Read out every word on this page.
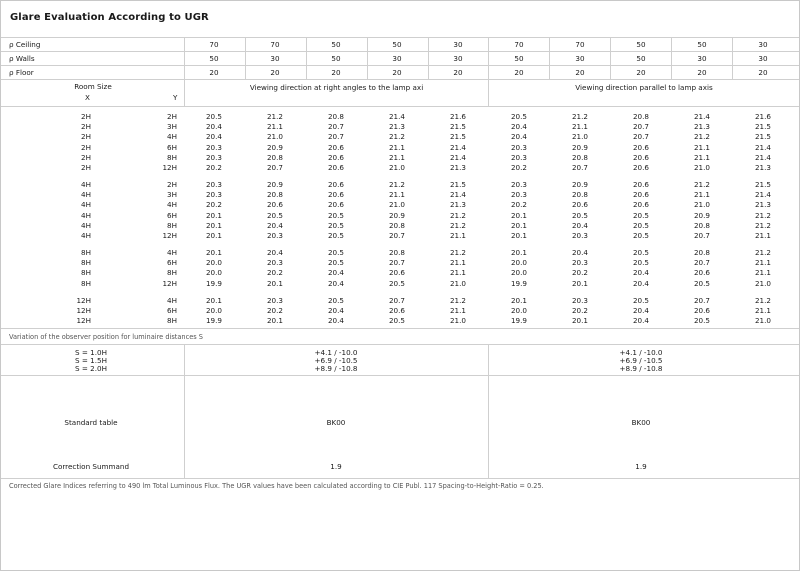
Glare Evaluation According to UGR
ρ Ceiling	70	70	50	50	30	70	70	50	50	30
ρ Walls	50	30	50	30	30	50	30	50	30	30
ρ Floor	20	20	20	20	20	20	20	20	20	20
Room Size
X	Y
Viewing direction at right angles to the lamp axi	Viewing direction parallel to lamp axis
2H	2H	20.5	21.2	20.8	21.4	21.6	20.5	21.2	20.8	21.4	21.6
2H	3H	20.4	21.1	20.7	21.3	21.5	20.4	21.1	20.7	21.3	21.5
2H	4H	20.4	21.0	20.7	21.2	21.5	20.4	21.0	20.7	21.2	21.5
2H	6H	20.3	20.9	20.6	21.1	21.4	20.3	20.9	20.6	21.1	21.4
2H	8H	20.3	20.8	20.6	21.1	21.4	20.3	20.8	20.6	21.1	21.4
2H	12H	20.2	20.7	20.6	21.0	21.3	20.2	20.7	20.6	21.0	21.3
4H	2H	20.3	20.9	20.6	21.2	21.5	20.3	20.9	20.6	21.2	21.5
4H	3H	20.3	20.8	20.6	21.1	21.4	20.3	20.8	20.6	21.1	21.4
4H	4H	20.2	20.6	20.6	21.0	21.3	20.2	20.6	20.6	21.0	21.3
4H	6H	20.1	20.5	20.5	20.9	21.2	20.1	20.5	20.5	20.9	21.2
4H	8H	20.1	20.4	20.5	20.8	21.2	20.1	20.4	20.5	20.8	21.2
4H	12H	20.1	20.3	20.5	20.7	21.1	20.1	20.3	20.5	20.7	21.1
8H	4H	20.1	20.4	20.5	20.8	21.2	20.1	20.4	20.5	20.8	21.2
8H	6H	20.0	20.3	20.5	20.7	21.1	20.0	20.3	20.5	20.7	21.1
8H	8H	20.0	20.2	20.4	20.6	21.1	20.0	20.2	20.4	20.6	21.1
8H	12H	19.9	20.1	20.4	20.5	21.0	19.9	20.1	20.4	20.5	21.0
12H	4H	20.1	20.3	20.5	20.7	21.2	20.1	20.3	20.5	20.7	21.2
12H	6H	20.0	20.2	20.4	20.6	21.1	20.0	20.2	20.4	20.6	21.1
12H	8H	19.9	20.1	20.4	20.5	21.0	19.9	20.1	20.4	20.5	21.0
Variation of the observer position for luminaire distances S
S = 1.0H	+4.1 / -10.0	+4.1 / -10.0
S = 1.5H	+6.9 / -10.5	+6.9 / -10.5
S = 2.0H	+8.9 / -10.8	+8.9 / -10.8
Standard table	BK00	BK00
Correction Summand	1.9	1.9
Corrected Glare Indices referring to 490 lm Total Luminous Flux. The UGR values have been calculated according to CIE Publ. 117 Spacing-to-Height-Ratio = 0.25.
